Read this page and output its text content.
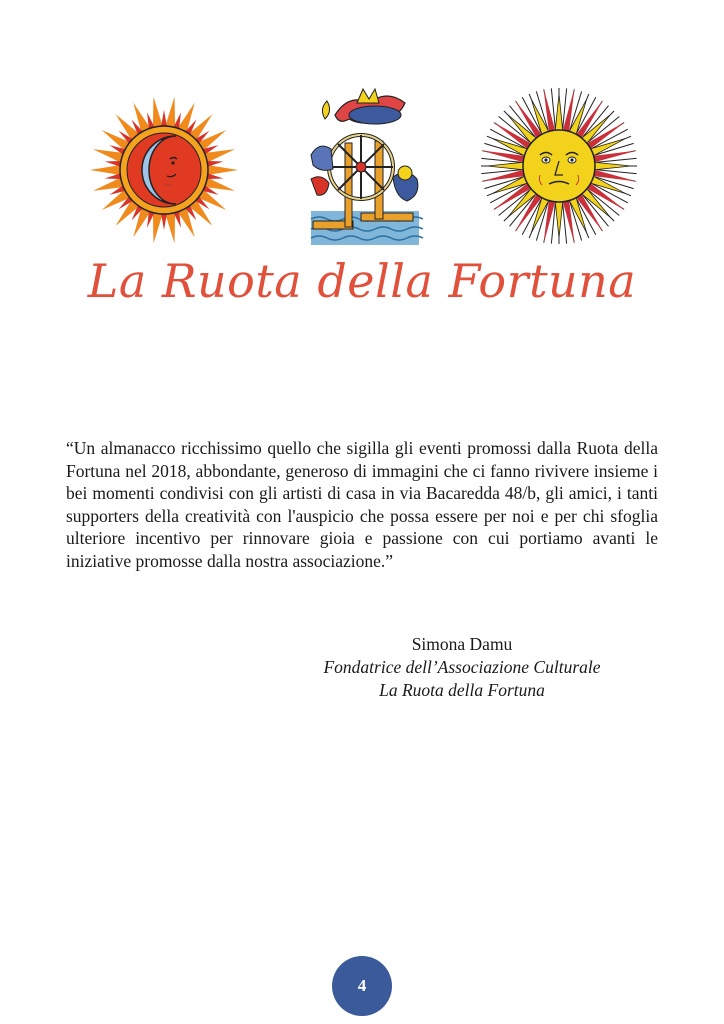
La Ruota della Fortuna

“Un almanacco ricchissimo quello che sigilla gli eventi promossi dalla Ruota della Fortuna nel 2018, abbondante, generoso di immagini che ci fanno rivivere insieme i bei momenti condivisi con gli artisti di casa in via Bacaredda 48/b, gli amici, i tanti supporters della creatività con l'auspicio che possa essere per noi e per chi sfoglia ulteriore incentivo per rinnovare gioia e passione con cui portiamo avanti le iniziative promosse dalla nostra associazione.”

Simona Damu
Fondatrice dell’Associazione Culturale
La Ruota della Fortuna
4
